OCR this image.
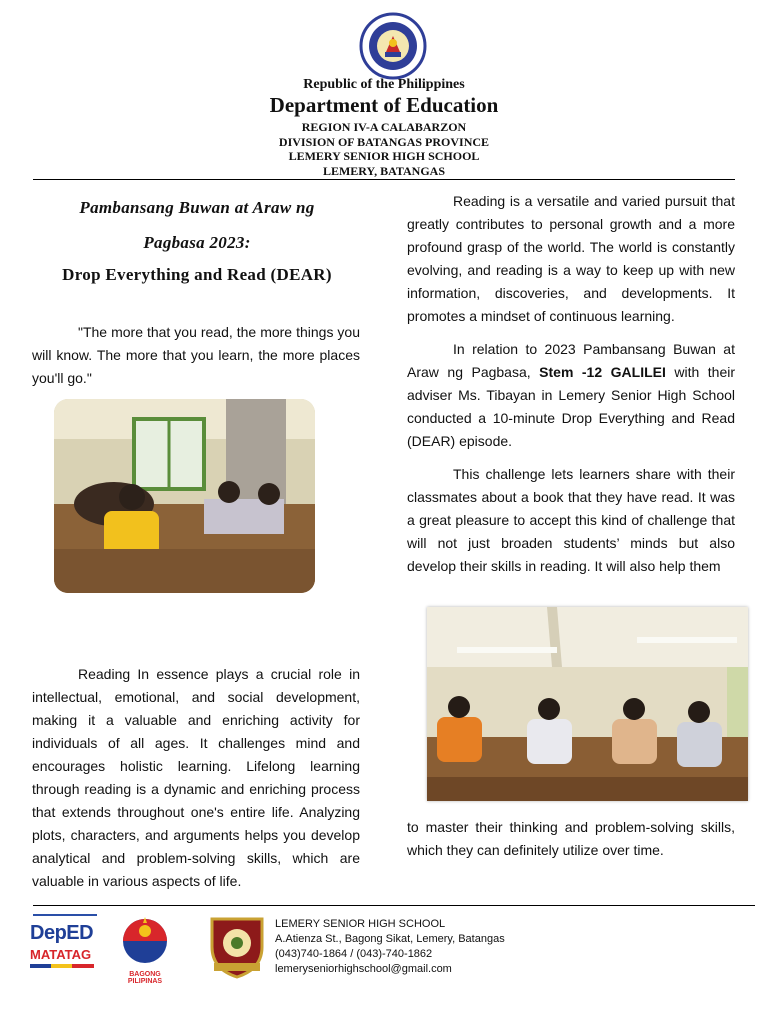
Republic of the Philippines
Department of Education
REGION IV-A CALABARZON
DIVISION OF BATANGAS PROVINCE
LEMERY SENIOR HIGH SCHOOL
LEMERY, BATANGAS
Pambansang Buwan at Araw ng
Pagbasa 2023:
Drop Everything and Read (DEAR)
"The more that you read, the more things you will know. The more that you learn, the more places you'll go."
Reading In essence plays a crucial role in intellectual, emotional, and social development, making it a valuable and enriching activity for individuals of all ages. It challenges mind and encourages holistic learning. Lifelong learning through reading is a dynamic and enriching process that extends throughout one's entire life. Analyzing plots, characters, and arguments helps you develop analytical and problem-solving skills, which are valuable in various aspects of life.
Reading is a versatile and varied pursuit that greatly contributes to personal growth and a more profound grasp of the world. The world is constantly evolving, and reading is a way to keep up with new information, discoveries, and developments. It promotes a mindset of continuous learning.
In relation to 2023 Pambansang Buwan at Araw ng Pagbasa, Stem -12 GALILEI with their adviser Ms. Tibayan in Lemery Senior High School conducted a 10-minute Drop Everything and Read (DEAR) episode.
This challenge lets learners share with their classmates about a book that they have read. It was a great pleasure to accept this kind of challenge that will not just broaden students’ minds but also develop their skills in reading. It will also help them
to master their thinking and problem-solving skills, which they can definitely utilize over time.
DepED
MATATAG
BAGONG PILIPINAS
LEMERY SENIOR HIGH SCHOOL
A.Atienza St., Bagong Sikat, Lemery, Batangas
(043)740-1864 / (043)-740-1862
lemeryseniorhighschool@gmail.com
